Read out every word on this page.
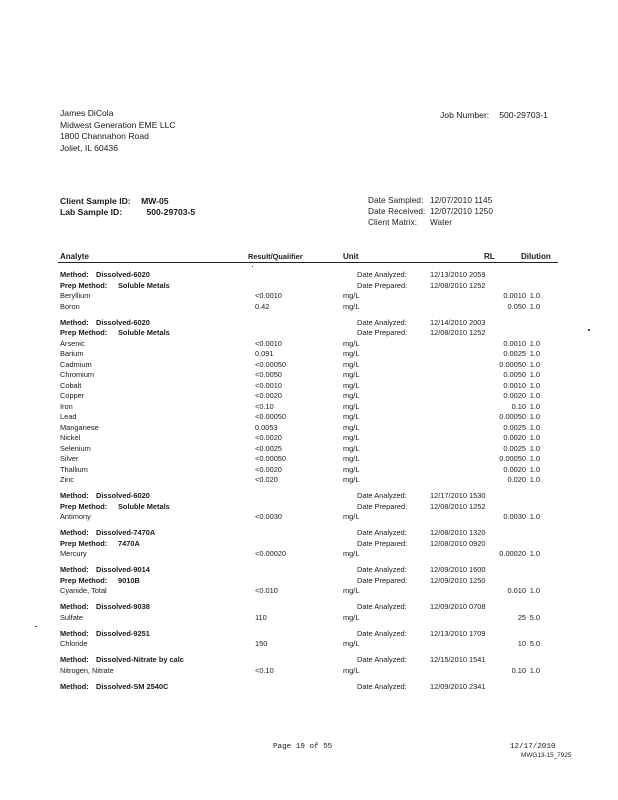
James DiCola
Midwest Generation EME LLC
1800 Channahon Road
Joliet, IL 60436
Job Number: 500-29703-1
Client Sample ID: MW-05
Lab Sample ID:	500-29703-5
Date Sampled: 12/07/2010 1145
Date Received: 12/07/2010 1250
Client Matrix: Water
Analyte	Result/Qualifier	Unit	RL	Dilution
Method: Dissolved-6020	Date Analyzed:	12/13/2010 2059
Prep Method: Soluble Metals	Date Prepared:	12/08/2010 1252
Beryllium	<0.0010	mg/L	0.0010 1.0
Boron	0.42	mg/L	0.050 1.0
Method: Dissolved-6020	Date Analyzed:	12/14/2010 2003
Prep Method: Soluble Metals	Date Prepared:	12/08/2010 1252
Arsenic	<0.0010	mg/L	0.0010 1.0
Barium	0.091	mg/L	0.0025 1.0
Cadmium	<0.00050	mg/L	0.00050 1.0
Chromium	<0.0050	mg/L	0.0050 1.0
Cobalt	<0.0010	mg/L	0.0010 1.0
Copper	<0.0020	mg/L	0.0020 1.0
Iron	<0.10	mg/L	0.10 1.0
Lead	<0.00050	mg/L	0.00050 1.0
Manganese	0.0053	mg/L	0.0025 1.0
Nickel	<0.0020	mg/L	0.0020 1.0
Selenium	<0.0025	mg/L	0.0025 1.0
Silver	<0.00050	mg/L	0.00050 1.0
Thallium	<0.0020	mg/L	0.0020 1.0
Zinc	<0.020	mg/L	0.020 1.0
Method: Dissolved-6020	Date Analyzed:	12/17/2010 1530
Prep Method: Soluble Metals	Date Prepared:	12/08/2010 1252
Antimony	<0.0030	mg/L	0.0030 1.0
Method: Dissolved-7470A	Date Analyzed:	12/08/2010 1320
Prep Method: 7470A	Date Prepared:	12/08/2010 0920
Mercury	<0.00020	mg/L	0.00020 1.0
Method: Dissolved-9014	Date Analyzed:	12/09/2010 1600
Prep Method: 9010B	Date Prepared:	12/09/2010 1250
Cyanide, Total	<0.010	mg/L	0.010 1.0
Method: Dissolved-9038	Date Analyzed:	12/09/2010 0708
Sulfate	110	mg/L	25 5.0
Method: Dissolved-9251	Date Analyzed:	12/13/2010 1709
Chloride	150	mg/L	10 5.0
Method: Dissolved-Nitrate by calc	Date Analyzed:	12/15/2010 1541
Nitrogen, Nitrate	<0.10	mg/L	0.10 1.0
Method: Dissolved-SM 2540C	Date Analyzed:	12/09/2010 2341
Page 19 of 55	12/17/2010
MWG13-15_7925
